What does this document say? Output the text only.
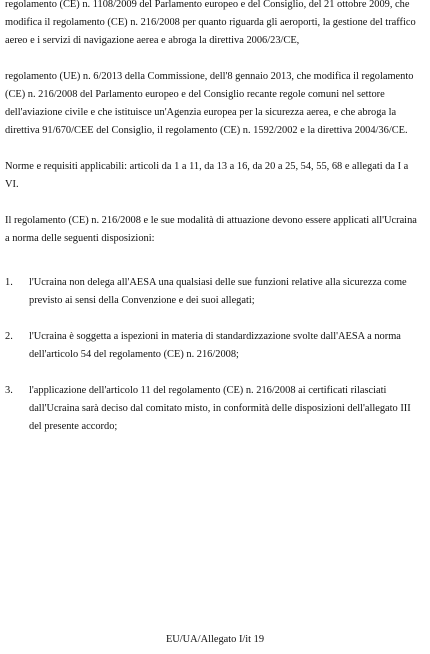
regolamento (CE) n. 1108/2009 del Parlamento europeo e del Consiglio, del 21 ottobre 2009, che modifica il regolamento (CE) n. 216/2008 per quanto riguarda gli aeroporti, la gestione del traffico aereo e i servizi di navigazione aerea e abroga la direttiva 2006/23/CE,

regolamento (UE) n. 6/2013 della Commissione, dell'8 gennaio 2013, che modifica il regolamento (CE) n. 216/2008 del Parlamento europeo e del Consiglio recante regole comuni nel settore dell'aviazione civile e che istituisce un'Agenzia europea per la sicurezza aerea, e che abroga la direttiva 91/670/CEE del Consiglio, il regolamento (CE) n. 1592/2002 e la direttiva 2004/36/CE.

Norme e requisiti applicabili: articoli da 1 a 11, da 13 a 16, da 20 a 25, 54, 55, 68 e allegati da I a VI.

Il regolamento (CE) n. 216/2008 e le sue modalità di attuazione devono essere applicati all'Ucraina a norma delle seguenti disposizioni:

1. l'Ucraina non delega all'AESA una qualsiasi delle sue funzioni relative alla sicurezza come previsto ai sensi della Convenzione e dei suoi allegati;
2. l'Ucraina è soggetta a ispezioni in materia di standardizzazione svolte dall'AESA a norma dell'articolo 54 del regolamento (CE) n. 216/2008;
3. l'applicazione dell'articolo 11 del regolamento (CE) n. 216/2008 ai certificati rilasciati dall'Ucraina sarà deciso dal comitato misto, in conformità delle disposizioni dell'allegato III del presente accordo;
EU/UA/Allegato I/it 19
